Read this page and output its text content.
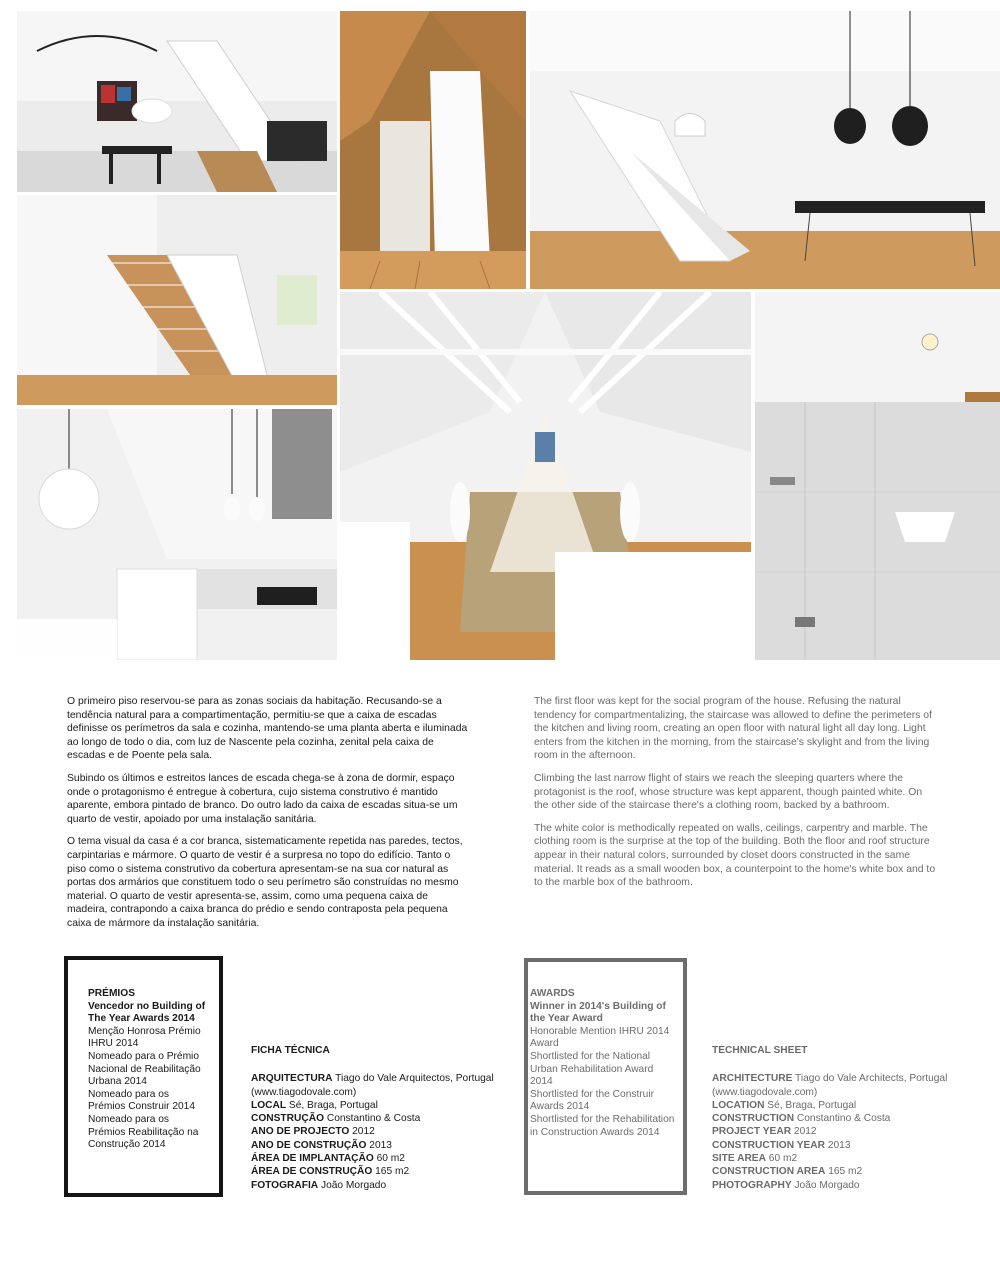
O primeiro piso reservou-se para as zonas sociais da habitação. Recusando-se a tendência natural para a compartimentação, permitiu-se que a caixa de escadas definisse os perímetros da sala e cozinha, mantendo-se uma planta aberta e iluminada ao longo de todo o dia, com luz de Nascente pela cozinha, zenital pela caixa de escadas e de Poente pela sala.

Subindo os últimos e estreitos lances de escada chega-se à zona de dormir, espaço onde o protagonismo é entregue à cobertura, cujo sistema construtivo é mantido aparente, embora pintado de branco. Do outro lado da caixa de escadas situa-se um quarto de vestir, apoiado por uma instalação sanitária.

O tema visual da casa é a cor branca, sistematicamente repetida nas paredes, tectos, carpintarias e mármore. O quarto de vestir é a surpresa no topo do edifício. Tanto o piso como o sistema construtivo da cobertura apresentam-se na sua cor natural as portas dos armários que constituem todo o seu perímetro são construídas no mesmo material. O quarto de vestir apresenta-se, assim, como uma pequena caixa de madeira, contrapondo a caixa branca do prédio e sendo contraposta pela pequena caixa de mármore da instalação sanitária.

The first floor was kept for the social program of the house. Refusing the natural tendency for compartmentalizing, the staircase was allowed to define the perimeters of the kitchen and living room, creating an open floor with natural light all day long. Light enters from the kitchen in the morning, from the staircase's skylight and from the living room in the afternoon.

Climbing the last narrow flight of stairs we reach the sleeping quarters where the protagonist is the roof, whose structure was kept apparent, though painted white. On the other side of the staircase there's a clothing room, backed by a bathroom.

The white color is methodically repeated on walls, ceilings, carpentry and marble. The clothing room is the surprise at the top of the building. Both the floor and roof structure appear in their natural colors, surrounded by closet doors constructed in the same material. It reads as a small wooden box, a counterpoint to the home's white box and to to the marble box of the bathroom.

PRÉMIOS
Vencedor no Building of The Year Awards 2014
Menção Honrosa Prémio IHRU 2014
Nomeado para o Prémio Nacional de Reabilitação Urbana 2014
Nomeado para os Prémios Construir 2014
Nomeado para os Prémios Reabilitação na Construção 2014
FICHA TÉCNICA
ARQUITECTURA Tiago do Vale Arquitectos, Portugal (www.tiagodovale.com)
LOCAL Sé, Braga, Portugal
CONSTRUÇÃO Constantino & Costa
ANO DE PROJECTO 2012
ANO DE CONSTRUÇÃO 2013
ÁREA DE IMPLANTAÇÃO 60 m2
ÁREA DE CONSTRUÇÃO 165 m2
FOTOGRAFIA João Morgado
AWARDS
Winner in 2014's Building of the Year Award
Honorable Mention IHRU 2014 Award
Shortlisted for the National Urban Rehabilitation Award 2014
Shortlisted for the Construir Awards 2014
Shortlisted for the Rehabilitation in Construction Awards 2014
TECHNICAL SHEET
ARCHITECTURE Tiago do Vale Architects, Portugal (www.tiagodovale.com)
LOCATION Sé, Braga, Portugal
CONSTRUCTION Constantino & Costa
PROJECT YEAR 2012
CONSTRUCTION YEAR 2013
SITE AREA 60 m2
CONSTRUCTION AREA 165 m2
PHOTOGRAPHY João Morgado
